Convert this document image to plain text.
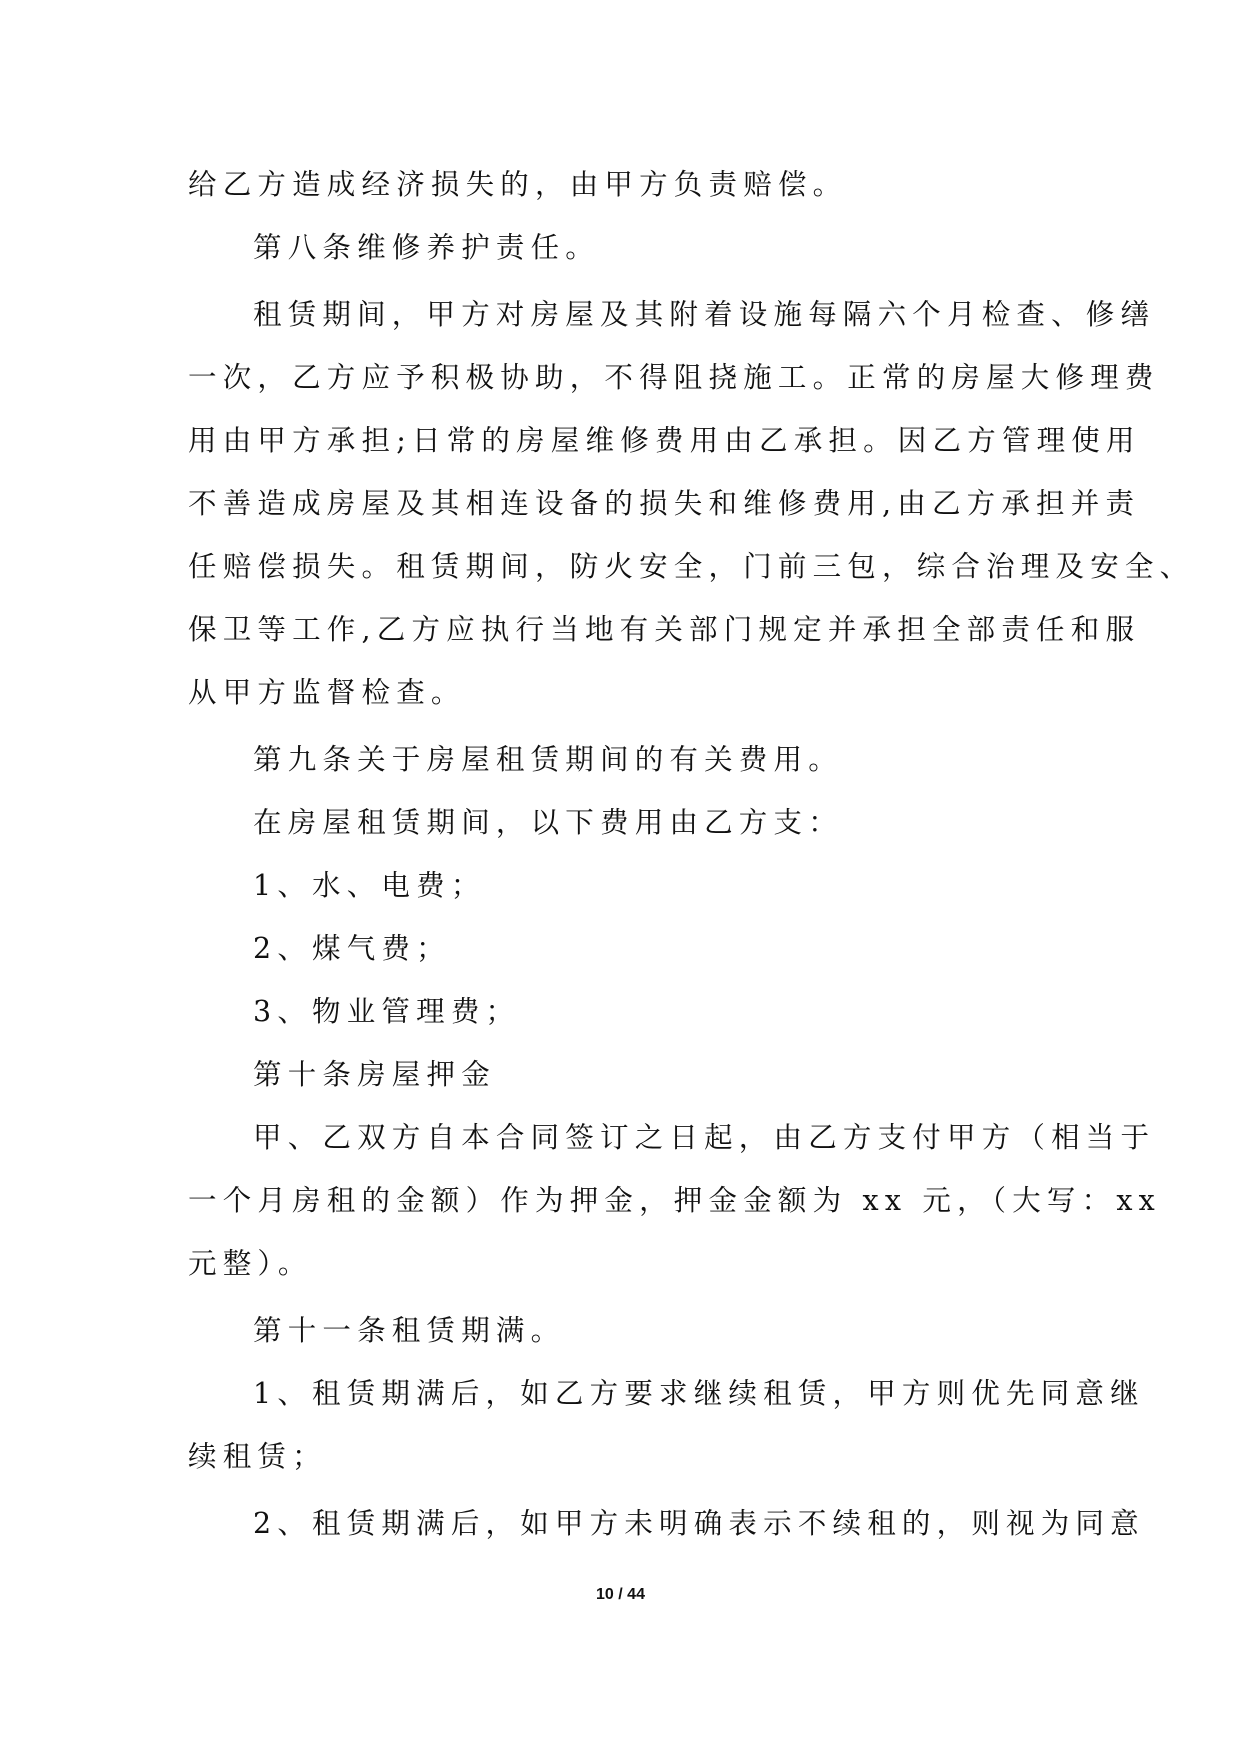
给乙方造成经济损失的，由甲方负责赔偿。
第八条维修养护责任。
租赁期间，甲方对房屋及其附着设施每隔六个月检查、修缮
一次，乙方应予积极协助，不得阻挠施工。正常的房屋大修理费
用由甲方承担;日常的房屋维修费用由乙承担。因乙方管理使用
不善造成房屋及其相连设备的损失和维修费用,由乙方承担并责
任赔偿损失。租赁期间，防火安全，门前三包，综合治理及安全、
保卫等工作,乙方应执行当地有关部门规定并承担全部责任和服
从甲方监督检查。
第九条关于房屋租赁期间的有关费用。
在房屋租赁期间，以下费用由乙方支：
1、水、电费；
2、煤气费；
3、物业管理费；
第十条房屋押金
甲、乙双方自本合同签订之日起，由乙方支付甲方（相当于
一个月房租的金额）作为押金，押金金额为 xx 元，（大写：xx
元整）。
第十一条租赁期满。
1、租赁期满后，如乙方要求继续租赁，甲方则优先同意继
续租赁；
2、租赁期满后，如甲方未明确表示不续租的，则视为同意
10 / 44
